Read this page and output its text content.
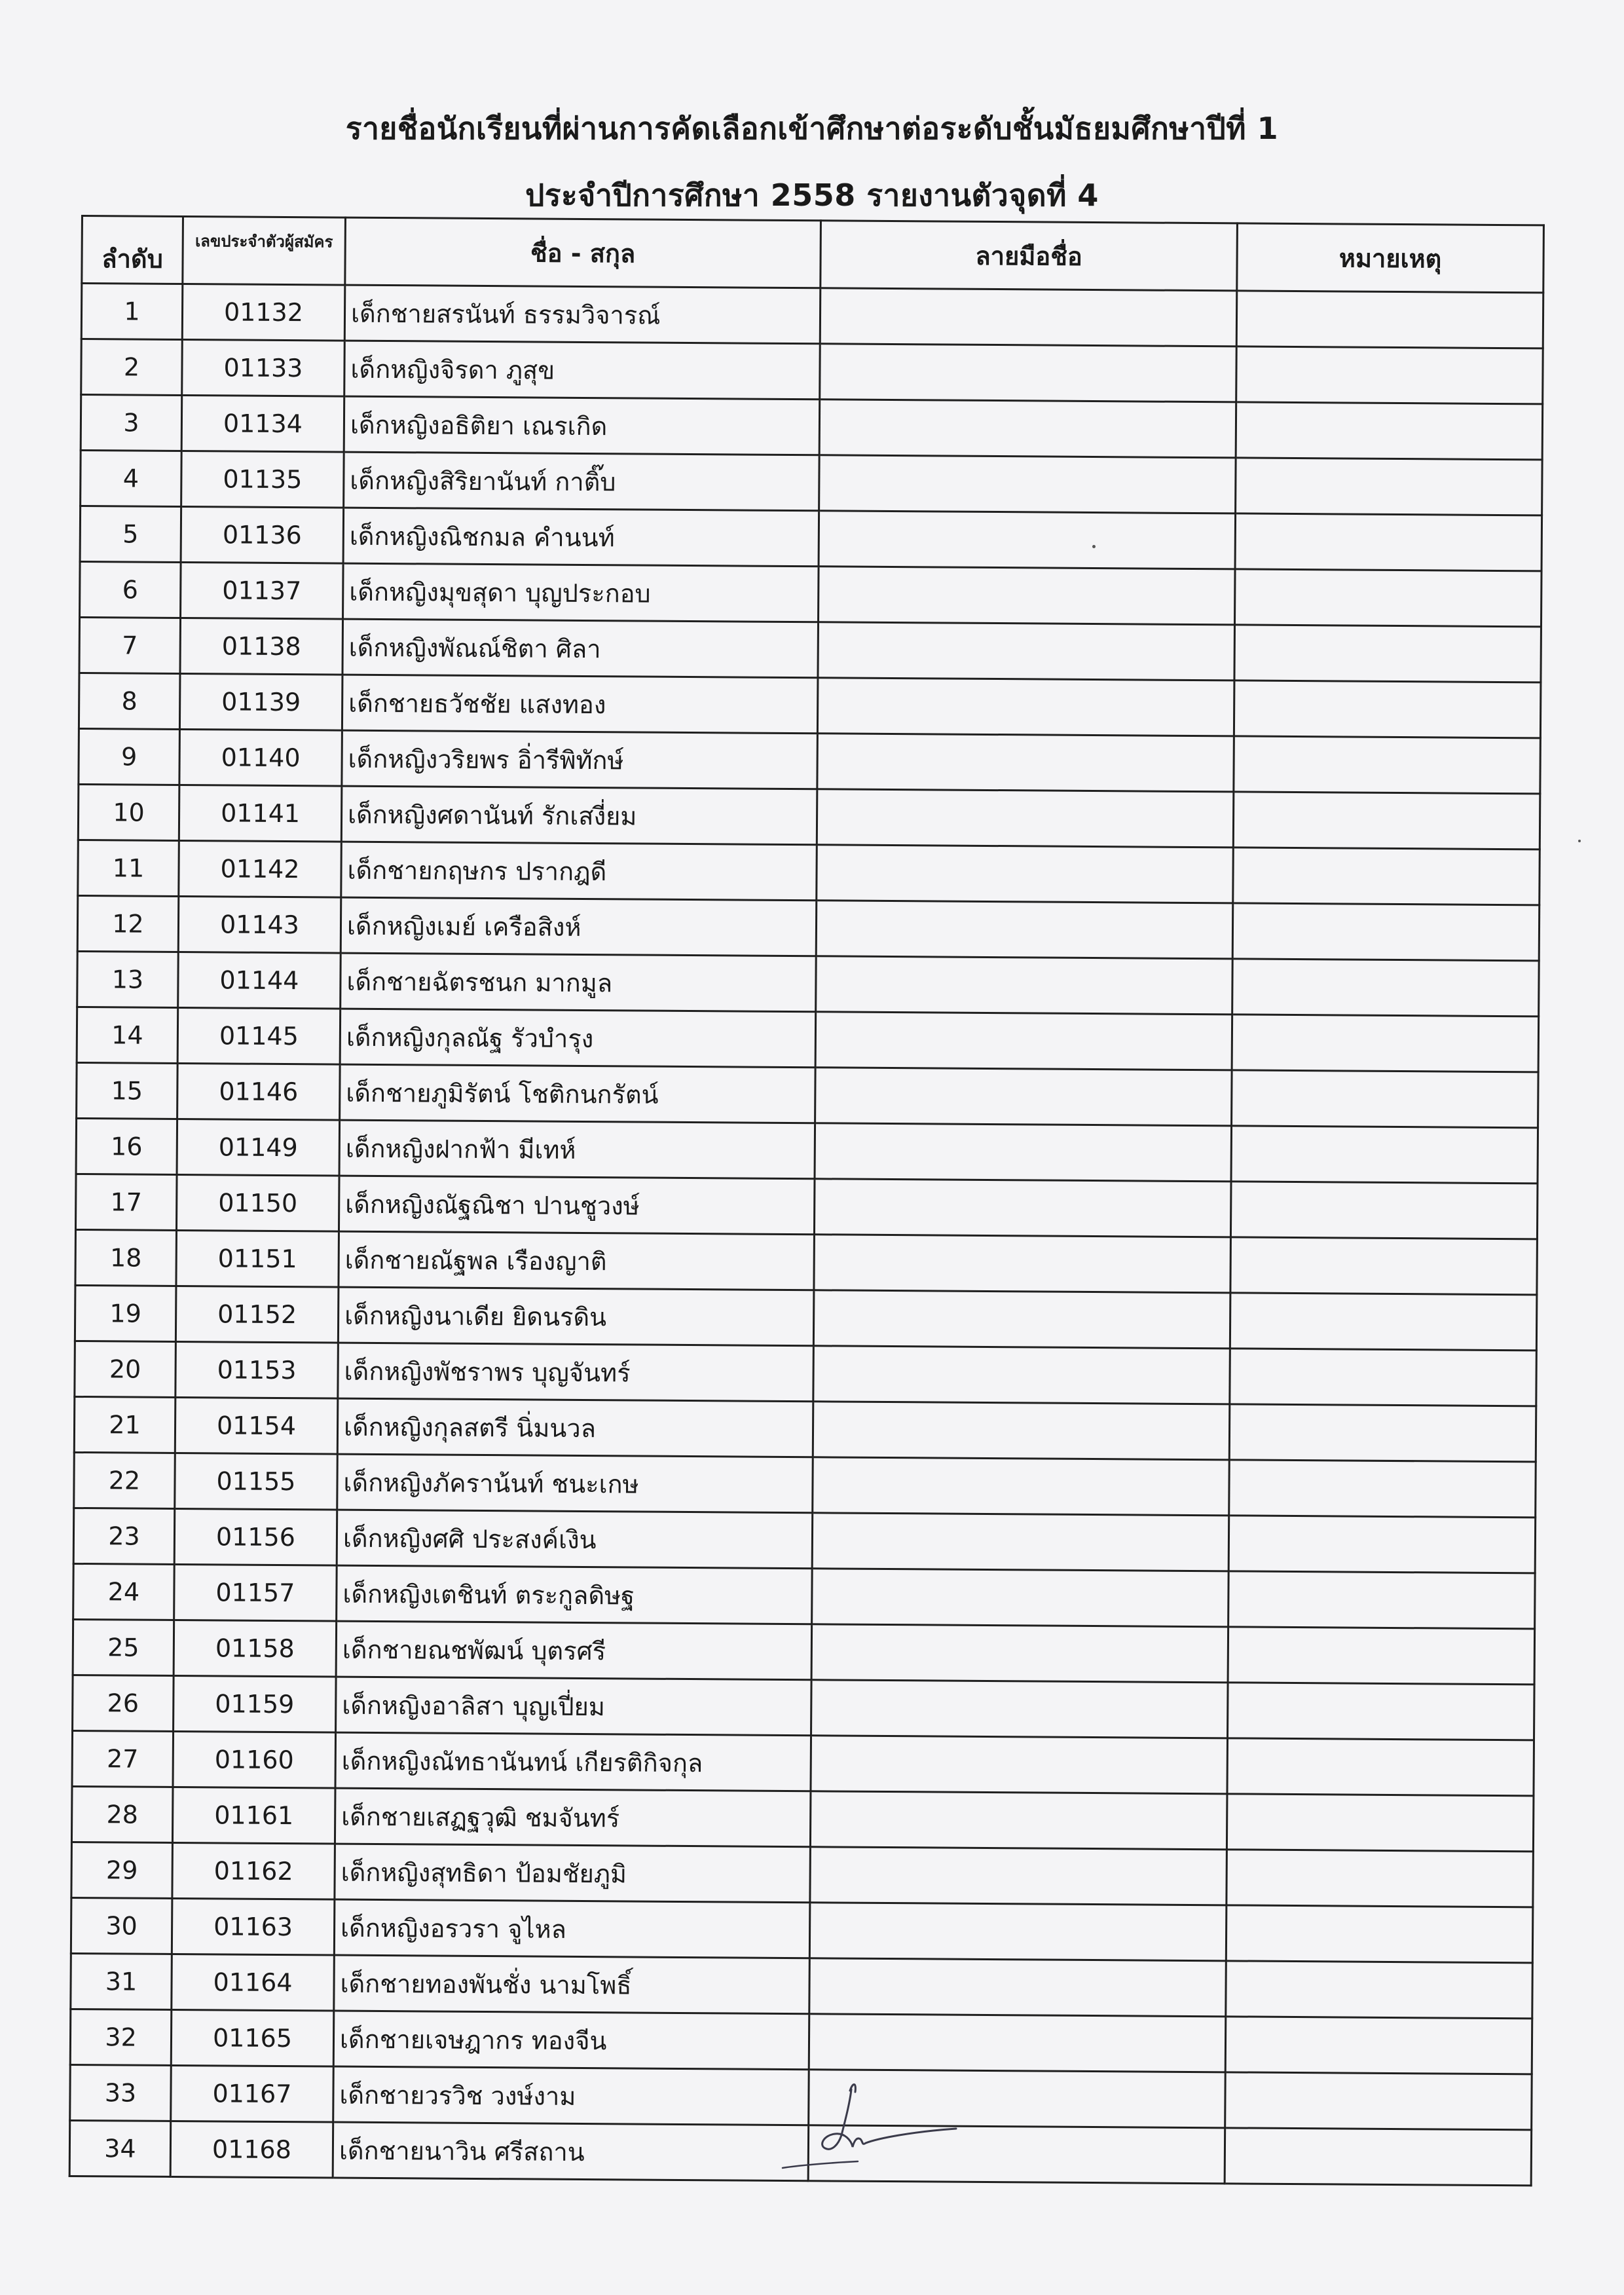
รายชื่อนักเรียนที่ผ่านการคัดเลือกเข้าศึกษาต่อระดับชั้นมัธยมศึกษาปีที่ 1
ประจำปีการศึกษา 2558 รายงานตัวจุดที่ 4
ลำดับ	เลขประจำตัวผู้สมัคร	ชื่อ - สกุล	ลายมือชื่อ	หมายเหตุ
1	01132	เด็กชายสรนันท์ ธรรมวิจารณ์		
2	01133	เด็กหญิงจิรดา ภูสุข		
3	01134	เด็กหญิงอธิติยา เณรเกิด		
4	01135	เด็กหญิงสิริยานันท์ กาติ๊บ		
5	01136	เด็กหญิงณิชกมล คำนนท์		
6	01137	เด็กหญิงมุขสุดา บุญประกอบ		
7	01138	เด็กหญิงพัณณ์ชิตา ศิลา		
8	01139	เด็กชายธวัชชัย แสงทอง		
9	01140	เด็กหญิงวริยพร อิ่ารีพิทักษ์		
10	01141	เด็กหญิงศดานันท์ รักเสงี่ยม		
11	01142	เด็กชายกฤษกร ปรากฎดี		
12	01143	เด็กหญิงเมย์ เครือสิงห์		
13	01144	เด็กชายฉัตรชนก มากมูล		
14	01145	เด็กหญิงกุลณัฐ รัวบำรุง		
15	01146	เด็กชายภูมิรัตน์ โชติกนกรัตน์		
16	01149	เด็กหญิงฝากฟ้า มีเทห์		
17	01150	เด็กหญิงณัฐณิชา ปานชูวงษ์		
18	01151	เด็กชายณัฐพล เรืองญาติ		
19	01152	เด็กหญิงนาเดีย ยิดนรดิน		
20	01153	เด็กหญิงพัชราพร บุญจันทร์		
21	01154	เด็กหญิงกุลสตรี นิ่มนวล		
22	01155	เด็กหญิงภัคราน้นท์ ชนะเกษ		
23	01156	เด็กหญิงศศิ ประสงค์เงิน		
24	01157	เด็กหญิงเตชินท์ ตระกูลดิษฐ		
25	01158	เด็กชายณชพัฒน์ บุตรศรี		
26	01159	เด็กหญิงอาลิสา บุญเปี่ยม		
27	01160	เด็กหญิงณัทธานันทน์ เกียรติกิจกุล		
28	01161	เด็กชายเสฏฐวุฒิ ชมจันทร์		
29	01162	เด็กหญิงสุทธิดา ป้อมชัยภูมิ		
30	01163	เด็กหญิงอรวรา จูไหล		
31	01164	เด็กชายทองพันชั่ง นามโพธิ์		
32	01165	เด็กชายเจษฎากร ทองจีน		
33	01167	เด็กชายวรวิช วงษ์งาม		
34	01168	เด็กชายนาวิน ศรีสถาน		
